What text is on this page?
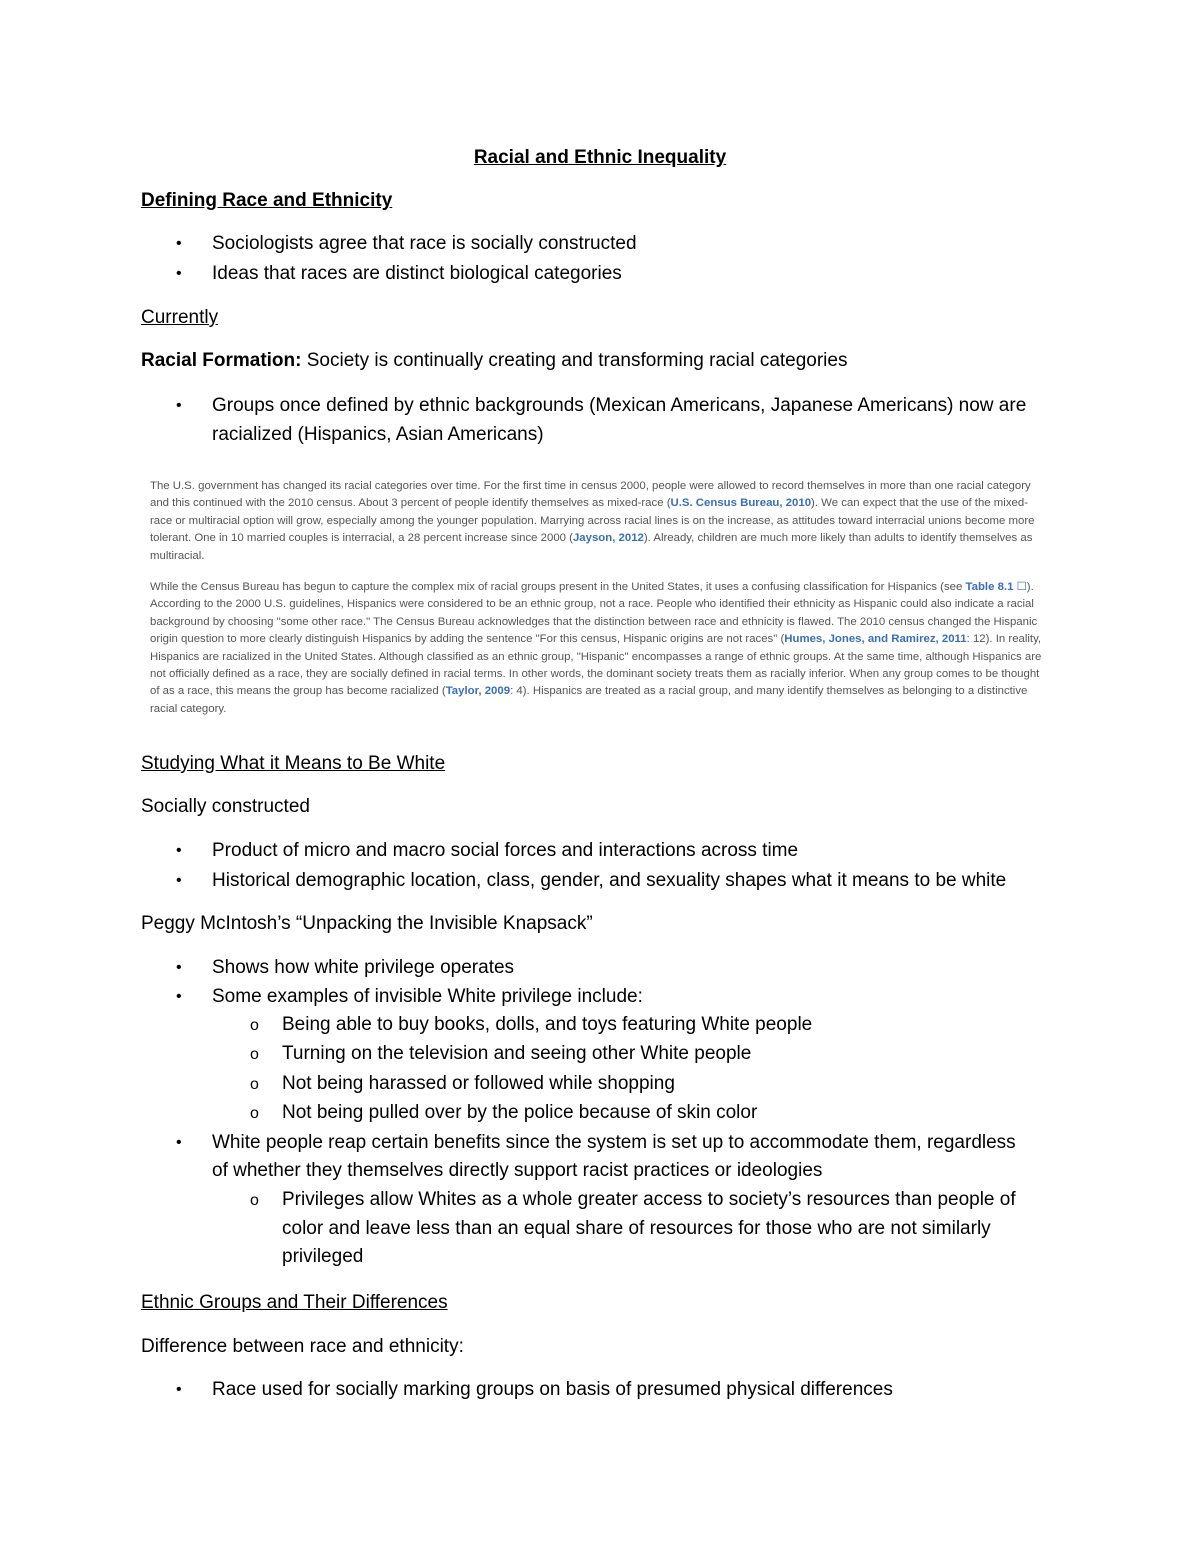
Racial and Ethnic Inequality
Defining Race and Ethnicity
• Sociologists agree that race is socially constructed
• Ideas that races are distinct biological categories
Currently
Racial Formation: Society is continually creating and transforming racial categories
• Groups once defined by ethnic backgrounds (Mexican Americans, Japanese Americans) now are
racialized (Hispanics, Asian Americans)

The U.S. government has changed its racial categories over time. For the first time in census 2000, people were allowed to record themselves in more than one racial category and this continued with the 2010 census. About 3 percent of people identify themselves as mixed-race (U.S. Census Bureau, 2010). We can expect that the use of the mixed-race or multiracial option will grow, especially among the younger population. Marrying across racial lines is on the increase, as attitudes toward interracial unions become more tolerant. One in 10 married couples is interracial, a 28 percent increase since 2000 (Jayson, 2012). Already, children are much more likely than adults to identify themselves as multiracial.

While the Census Bureau has begun to capture the complex mix of racial groups present in the United States, it uses a confusing classification for Hispanics (see Table 8.1 ☐). According to the 2000 U.S. guidelines, Hispanics were considered to be an ethnic group, not a race. People who identified their ethnicity as Hispanic could also indicate a racial background by choosing "some other race." The Census Bureau acknowledges that the distinction between race and ethnicity is flawed. The 2010 census changed the Hispanic origin question to more clearly distinguish Hispanics by adding the sentence "For this census, Hispanic origins are not races" (Humes, Jones, and Ramirez, 2011: 12). In reality, Hispanics are racialized in the United States. Although classified as an ethnic group, "Hispanic" encompasses a range of ethnic groups. At the same time, although Hispanics are not officially defined as a race, they are socially defined in racial terms. In other words, the dominant society treats them as racially inferior. When any group comes to be thought of as a race, this means the group has become racialized (Taylor, 2009: 4). Hispanics are treated as a racial group, and many identify themselves as belonging to a distinctive racial category.

Studying What it Means to Be White
Socially constructed
• Product of micro and macro social forces and interactions across time
• Historical demographic location, class, gender, and sexuality shapes what it means to be white
Peggy McIntosh’s “Unpacking the Invisible Knapsack”
• Shows how white privilege operates
• Some examples of invisible White privilege include:
o Being able to buy books, dolls, and toys featuring White people
o Turning on the television and seeing other White people
o Not being harassed or followed while shopping
o Not being pulled over by the police because of skin color
• White people reap certain benefits since the system is set up to accommodate them, regardless
of whether they themselves directly support racist practices or ideologies
o Privileges allow Whites as a whole greater access to society’s resources than people of
color and leave less than an equal share of resources for those who are not similarly
privileged
Ethnic Groups and Their Differences
Difference between race and ethnicity:
• Race used for socially marking groups on basis of presumed physical differences
